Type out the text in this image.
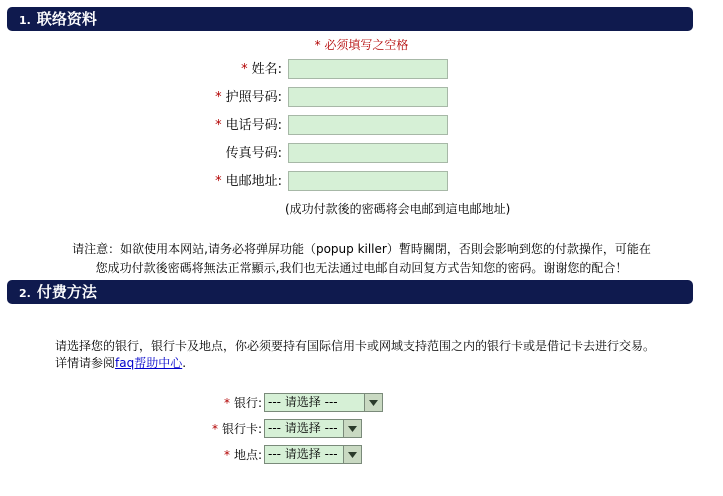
1. 联络资料
* 必须填写之空格
* 姓名:
* 护照号码:
* 电话号码:
传真号码:
* 电邮地址:
(成功付款後的密碼将会电邮到這电邮地址)
请注意：如欲使用本网站,请务必将弹屏功能（popup killer）暫時關閉，否則会影响到您的付款操作，可能在
您成功付款後密碼将無法正常顯示,我们也无法通过电邮自动回复方式告知您的密码。谢谢您的配合！
2. 付费方法
请选择您的银行，银行卡及地点，你必须要持有国际信用卡或网域支持范围之内的银行卡或是借记卡去进行交易。详情请参阅faq帮助中心.
* 银行: --- 请选择 ---
* 银行卡: --- 请选择 ---
* 地点: --- 请选择 ---
